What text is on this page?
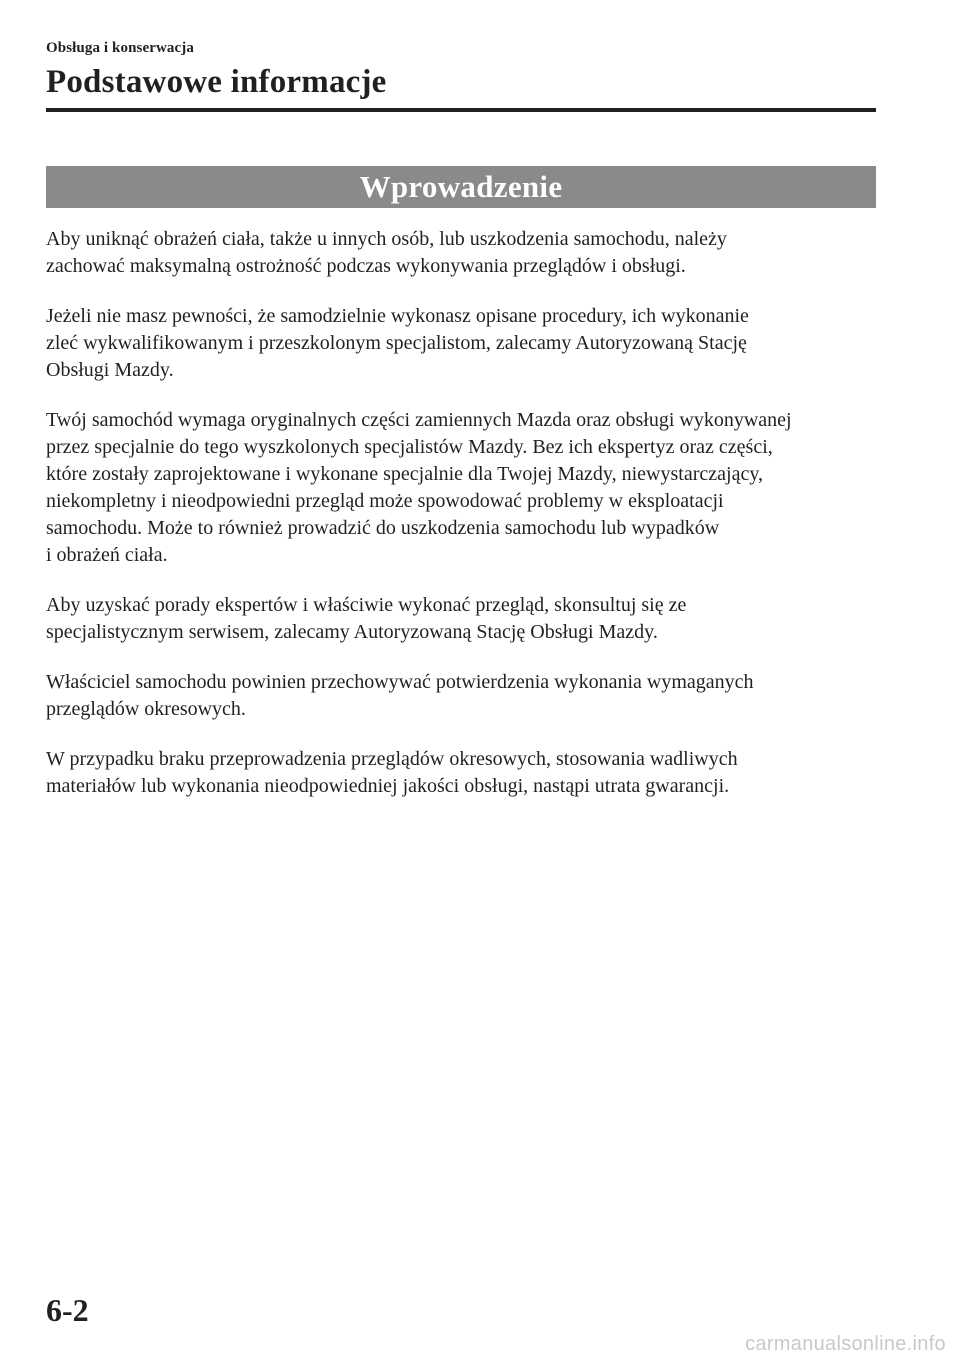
Obsługa i konserwacja
Podstawowe informacje
Wprowadzenie

Aby uniknąć obrażeń ciała, także u innych osób, lub uszkodzenia samochodu, należy
zachować maksymalną ostrożność podczas wykonywania przeglądów i obsługi.

Jeżeli nie masz pewności, że samodzielnie wykonasz opisane procedury, ich wykonanie
zleć wykwalifikowanym i przeszkolonym specjalistom, zalecamy Autoryzowaną Stację
Obsługi Mazdy.

Twój samochód wymaga oryginalnych części zamiennych Mazda oraz obsługi wykonywanej
przez specjalnie do tego wyszkolonych specjalistów Mazdy. Bez ich ekspertyz oraz części,
które zostały zaprojektowane i wykonane specjalnie dla Twojej Mazdy, niewystarczający,
niekompletny i nieodpowiedni przegląd może spowodować problemy w eksploatacji
samochodu. Może to również prowadzić do uszkodzenia samochodu lub wypadków
i obrażeń ciała.

Aby uzyskać porady ekspertów i właściwie wykonać przegląd, skonsultuj się ze
specjalistycznym serwisem, zalecamy Autoryzowaną Stację Obsługi Mazdy.

Właściciel samochodu powinien przechowywać potwierdzenia wykonania wymaganych
przeglądów okresowych.

W przypadku braku przeprowadzenia przeglądów okresowych, stosowania wadliwych
materiałów lub wykonania nieodpowiedniej jakości obsługi, nastąpi utrata gwarancji.

6-2
carmanualsonline.info
